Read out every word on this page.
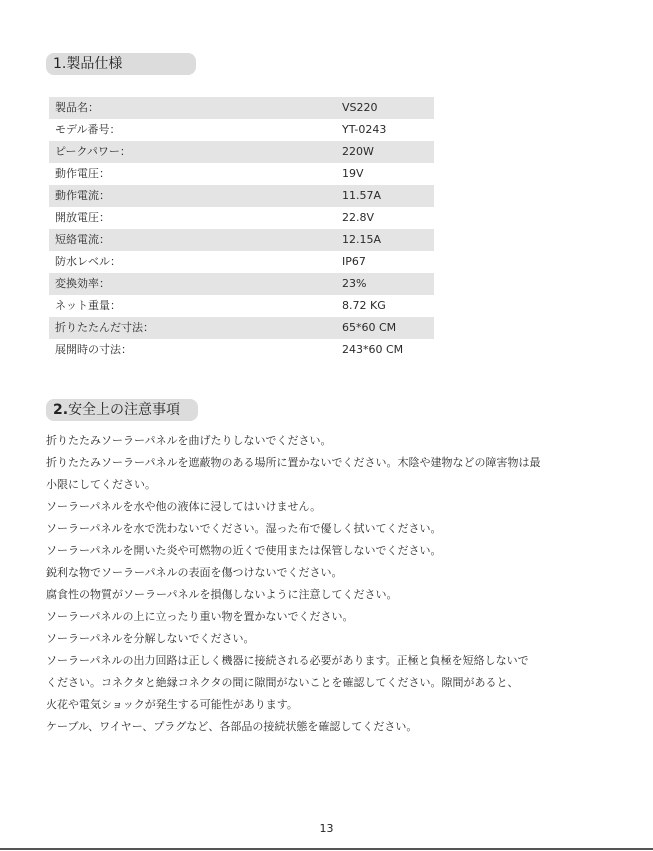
1.製品仕様
製品名：	VS220
モデル番号：	YT-0243
ピークパワー：	220W
動作電圧：	19V
動作電流：	11.57A
開放電圧：	22.8V
短絡電流：	12.15A
防水レベル：	IP67
変換効率：	23%
ネット重量：	8.72 KG
折りたたんだ寸法：	65*60 CM
展開時の寸法：	243*60 CM
2.安全上の注意事項
折りたたみソーラーパネルを曲げたりしないでください。
折りたたみソーラーパネルを遮蔽物のある場所に置かないでください。木陰や建物などの障害物は最
小限にしてください。
ソーラーパネルを水や他の液体に浸してはいけません。
ソーラーパネルを水で洗わないでください。湿った布で優しく拭いてください。
ソーラーパネルを開いた炎や可燃物の近くで使用または保管しないでください。
鋭利な物でソーラーパネルの表面を傷つけないでください。
腐食性の物質がソーラーパネルを損傷しないように注意してください。
ソーラーパネルの上に立ったり重い物を置かないでください。
ソーラーパネルを分解しないでください。
ソーラーパネルの出力回路は正しく機器に接続される必要があります。正極と負極を短絡しないで
ください。コネクタと絶縁コネクタの間に隙間がないことを確認してください。隙間があると、
火花や電気ショックが発生する可能性があります。
ケーブル、ワイヤー、プラグなど、各部品の接続状態を確認してください。
13
